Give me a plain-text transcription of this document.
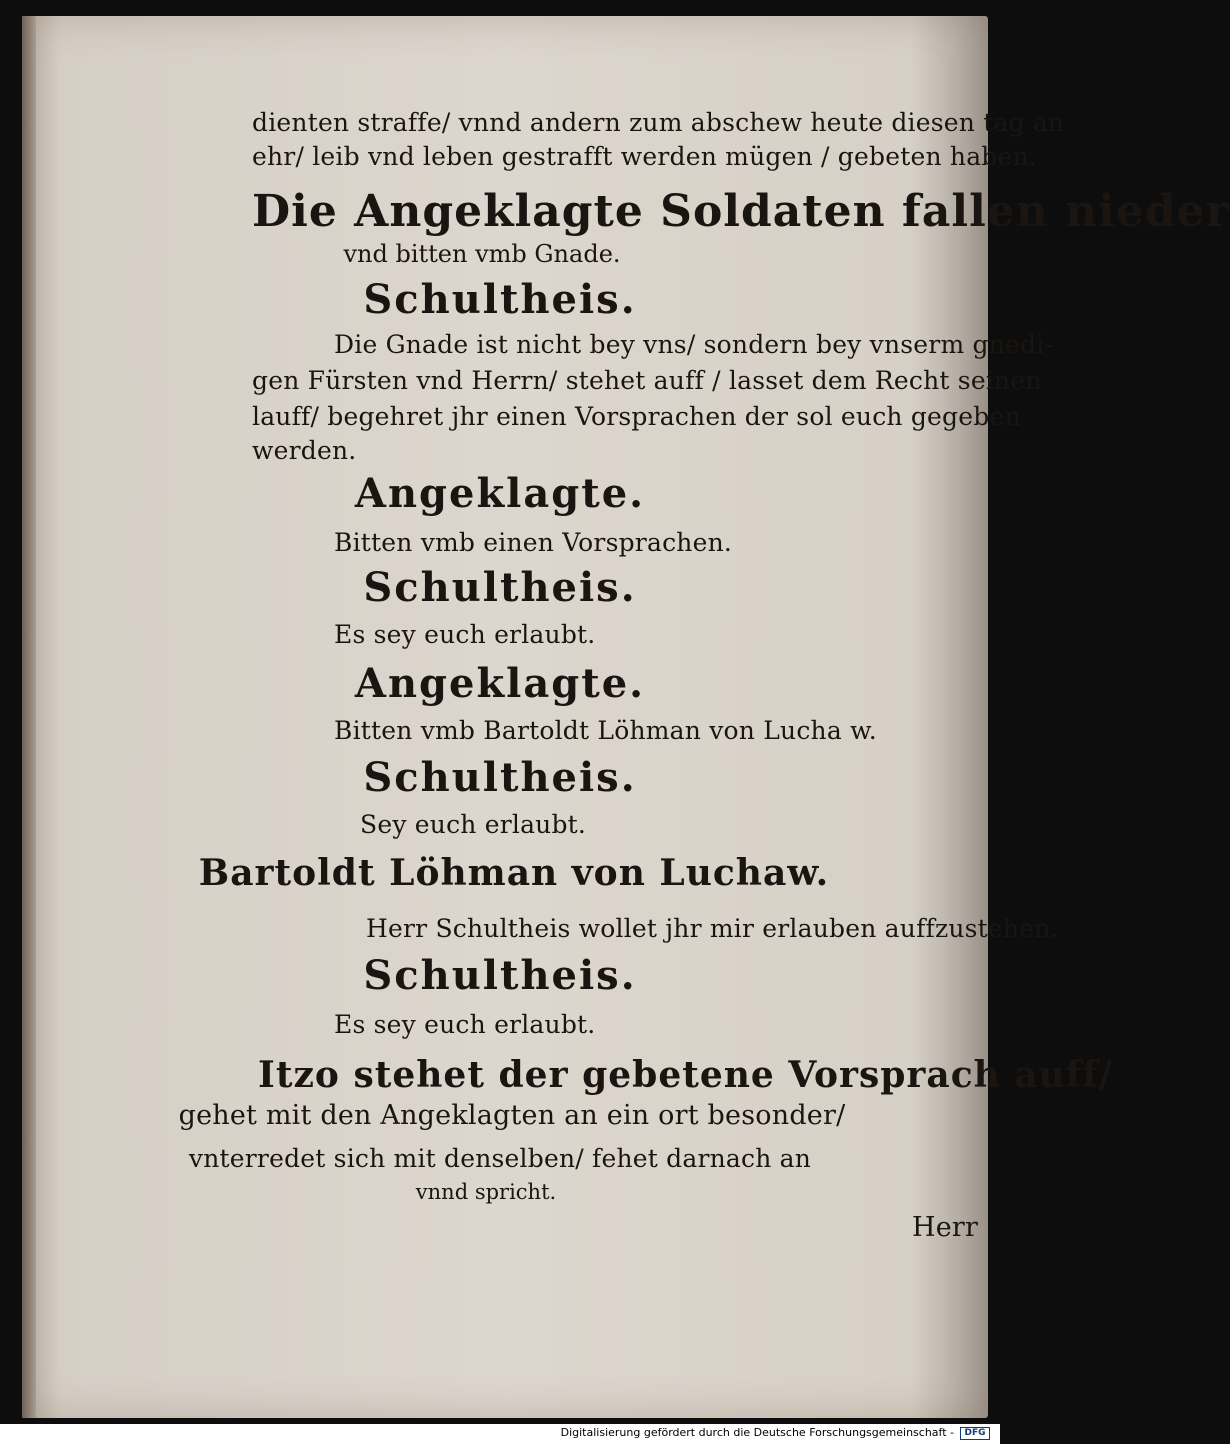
dienten straffe/ vnnd andern zum abschew heute diesen tag an
ehr/ leib vnd leben gestrafft werden mügen / gebeten haben.
Die Angeklagte Soldaten fallen nieder
vnd bitten vmb Gnade.
Schultheis.
Die Gnade ist nicht bey vns/ sondern bey vnserm gnedi-
gen Fürsten vnd Herrn/ stehet auff / lasset dem Recht seinen
lauff/ begehret jhr einen Vorsprachen der sol euch gegeben
werden.
Angeklagte.
Bitten vmb einen Vorsprachen.
Schultheis.
Es sey euch erlaubt.
Angeklagte.
Bitten vmb Bartoldt Löhman von Lucha w.
Schultheis.
Sey euch erlaubt.
Bartoldt Löhman von Luchaw.
Herr Schultheis wollet jhr mir erlauben auffzustehen.
Schultheis.
Es sey euch erlaubt.
Itzo stehet der gebetene Vorsprach auff/
gehet mit den Angeklagten an ein ort besonder/
vnterredet sich mit denselben/ fehet darnach an
vnnd spricht.
Herr
Digitalisierung gefördert durch die Deutsche Forschungsgemeinschaft -	DFG
